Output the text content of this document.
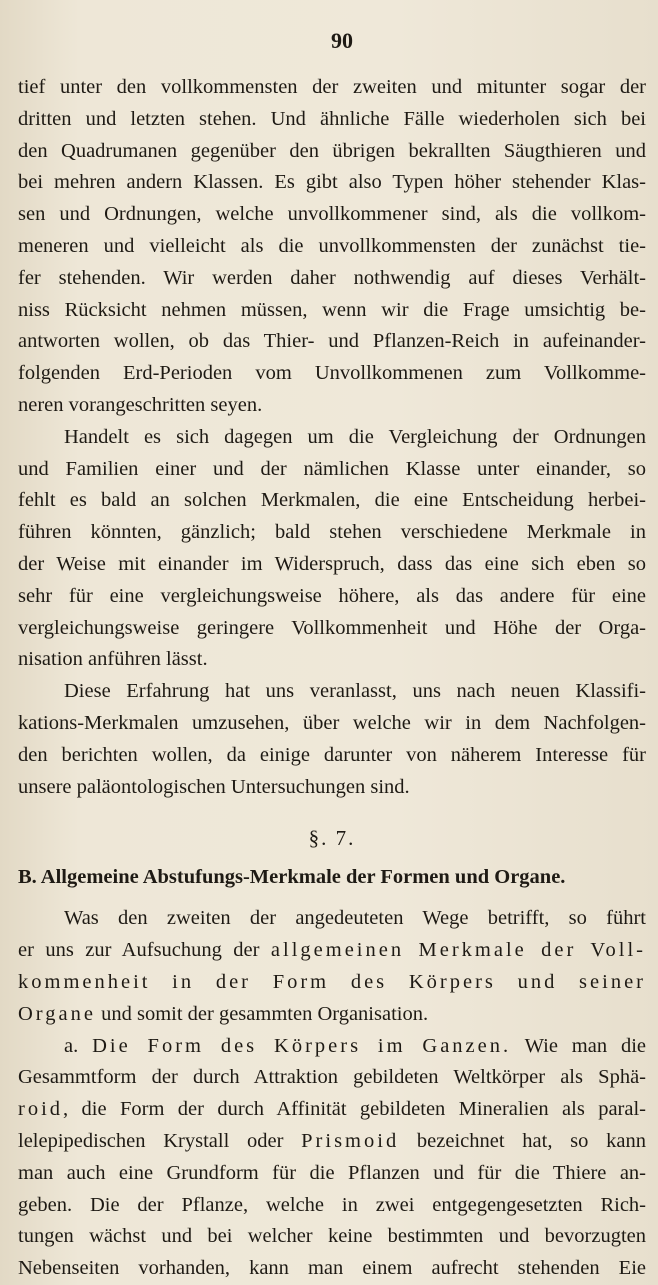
90

tief unter den vollkommensten der zweiten und mitunter sogar der
dritten und letzten stehen. Und ähnliche Fälle wiederholen sich bei
den Quadrumanen gegenüber den übrigen bekrallten Säugthieren und
bei mehren andern Klassen. Es gibt also Typen höher stehender Klas-
sen und Ordnungen, welche unvollkommener sind, als die vollkom-
meneren und vielleicht als die unvollkommensten der zunächst tie-
fer stehenden. Wir werden daher nothwendig auf dieses Verhält-
niss Rücksicht nehmen müssen, wenn wir die Frage umsichtig be-
antworten wollen, ob das Thier- und Pflanzen-Reich in aufeinander-
folgenden Erd-Perioden vom Unvollkommenen zum Vollkomme-
neren vorangeschritten seyen.

Handelt es sich dagegen um die Vergleichung der Ordnungen
und Familien einer und der nämlichen Klasse unter einander, so
fehlt es bald an solchen Merkmalen, die eine Entscheidung herbei-
führen könnten, gänzlich; bald stehen verschiedene Merkmale in
der Weise mit einander im Widerspruch, dass das eine sich eben so
sehr für eine vergleichungsweise höhere, als das andere für eine
vergleichungsweise geringere Vollkommenheit und Höhe der Orga-
nisation anführen lässt.

Diese Erfahrung hat uns veranlasst, uns nach neuen Klassifi-
kations-Merkmalen umzusehen, über welche wir in dem Nachfolgen-
den berichten wollen, da einige darunter von näherem Interesse für
unsere paläontologischen Untersuchungen sind.

§. 7.
B. Allgemeine Abstufungs-Merkmale der Formen und Organe.

Was den zweiten der angedeuteten Wege betrifft, so führt
er uns zur Aufsuchung der allgemeinen Merkmale der Voll-
kommenheit in der Form des Körpers und seiner
Organe und somit der gesammten Organisation.

a. Die Form des Körpers im Ganzen. Wie man die
Gesammtform der durch Attraktion gebildeten Weltkörper als Sphä-
roid, die Form der durch Affinität gebildeten Mineralien als paral-
lelepipedischen Krystall oder Prismoid bezeichnet hat, so kann
man auch eine Grundform für die Pflanzen und für die Thiere an-
geben. Die der Pflanze, welche in zwei entgegengesetzten Rich-
tungen wächst und bei welcher keine bestimmten und bevorzugten
Nebenseiten vorhanden, kann man einem aufrecht stehenden Eie
